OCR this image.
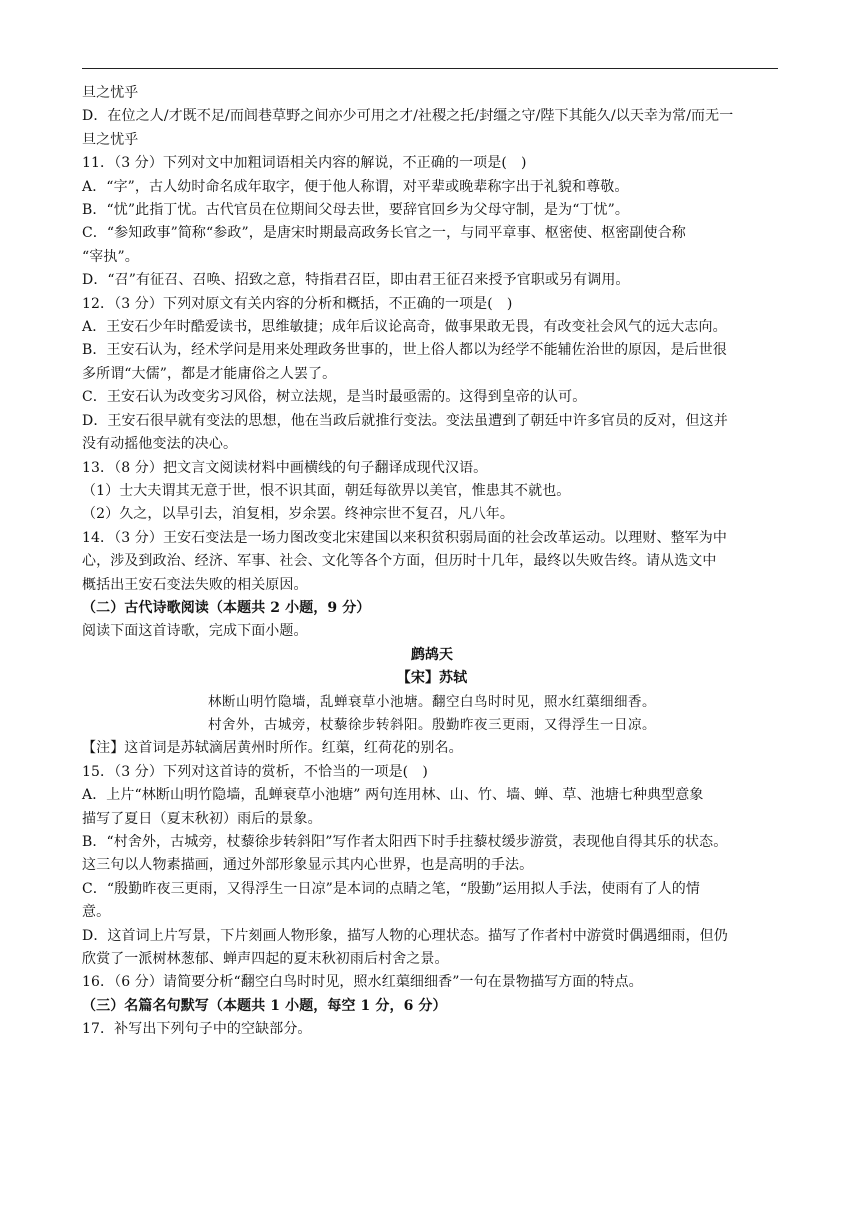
旦之忧乎
D．在位之人/才既不足/而闾巷草野之间亦少可用之才/社稷之托/封缰之守/陛下其能久/以天幸为常/而无一
旦之忧乎
11．（3 分）下列对文中加粗词语相关内容的解说，不正确的一项是(　)
A．“字”，古人幼时命名成年取字，便于他人称谓，对平辈或晚辈称字出于礼貌和尊敬。
B．“忧”此指丁忧。古代官员在位期间父母去世，要辞官回乡为父母守制，是为“丁忧”。
C．“参知政事”简称“参政”，是唐宋时期最高政务长官之一，与同平章事、枢密使、枢密副使合称
“宰执”。
D．“召”有征召、召唤、招致之意，特指君召臣，即由君王征召来授予官职或另有调用。
12．（3 分）下列对原文有关内容的分析和概括，不正确的一项是(　)
A．王安石少年时酷爱读书，思维敏捷；成年后议论高奇，做事果敢无畏，有改变社会风气的远大志向。
B．王安石认为，经术学问是用来处理政务世事的，世上俗人都以为经学不能辅佐治世的原因，是后世很
多所谓“大儒”，都是才能庸俗之人罢了。
C．王安石认为改变劣习风俗，树立法规，是当时最亟需的。这得到皇帝的认可。
D．王安石很早就有变法的思想，他在当政后就推行变法。变法虽遭到了朝廷中许多官员的反对，但这并
没有动摇他变法的决心。
13．（8 分）把文言文阅读材料中画横线的句子翻译成现代汉语。
（1）士大夫谓其无意于世，恨不识其面，朝廷每欲畀以美官，惟患其不就也。
（2）久之，以旱引去，洎复相，岁余罢。终神宗世不复召，凡八年。
14．（3 分）王安石变法是一场力图改变北宋建国以来积贫积弱局面的社会改革运动。以理财、整军为中
心，涉及到政治、经济、军事、社会、文化等各个方面，但历时十几年，最终以失败告终。请从选文中
概括出王安石变法失败的相关原因。
（二）古代诗歌阅读（本题共 2 小题，9 分）
阅读下面这首诗歌，完成下面小题。
鹧鸪天
【宋】苏轼
林断山明竹隐墙，乱蝉衰草小池塘。翻空白鸟时时见，照水红蕖细细香。
村舍外，古城旁，杖藜徐步转斜阳。殷勤昨夜三更雨，又得浮生一日凉。
【注】这首词是苏轼滴居黄州时所作。红蕖，红荷花的别名。
15．（3 分）下列对这首诗的赏析，不恰当的一项是(　)
A．上片“林断山明竹隐墙，乱蝉衰草小池塘” 两句连用林、山、竹、墙、蝉、草、池塘七种典型意象
描写了夏日（夏末秋初）雨后的景象。
B．“村舍外，古城旁，杖藜徐步转斜阳”写作者太阳西下时手拄藜杖缓步游赏，表现他自得其乐的状态。
这三句以人物素描画，通过外部形象显示其内心世界，也是高明的手法。
C．“殷勤昨夜三更雨，又得浮生一日凉”是本词的点睛之笔，“殷勤”运用拟人手法，使雨有了人的情
意。
D．这首词上片写景，下片刻画人物形象，描写人物的心理状态。描写了作者村中游赏时偶遇细雨，但仍
欣赏了一派树林葱郁、蝉声四起的夏末秋初雨后村舍之景。
16．（6 分）请简要分析“翻空白鸟时时见，照水红蕖细细香”一句在景物描写方面的特点。
（三）名篇名句默写（本题共 1 小题，每空 1 分，6 分）
17．补写出下列句子中的空缺部分。
